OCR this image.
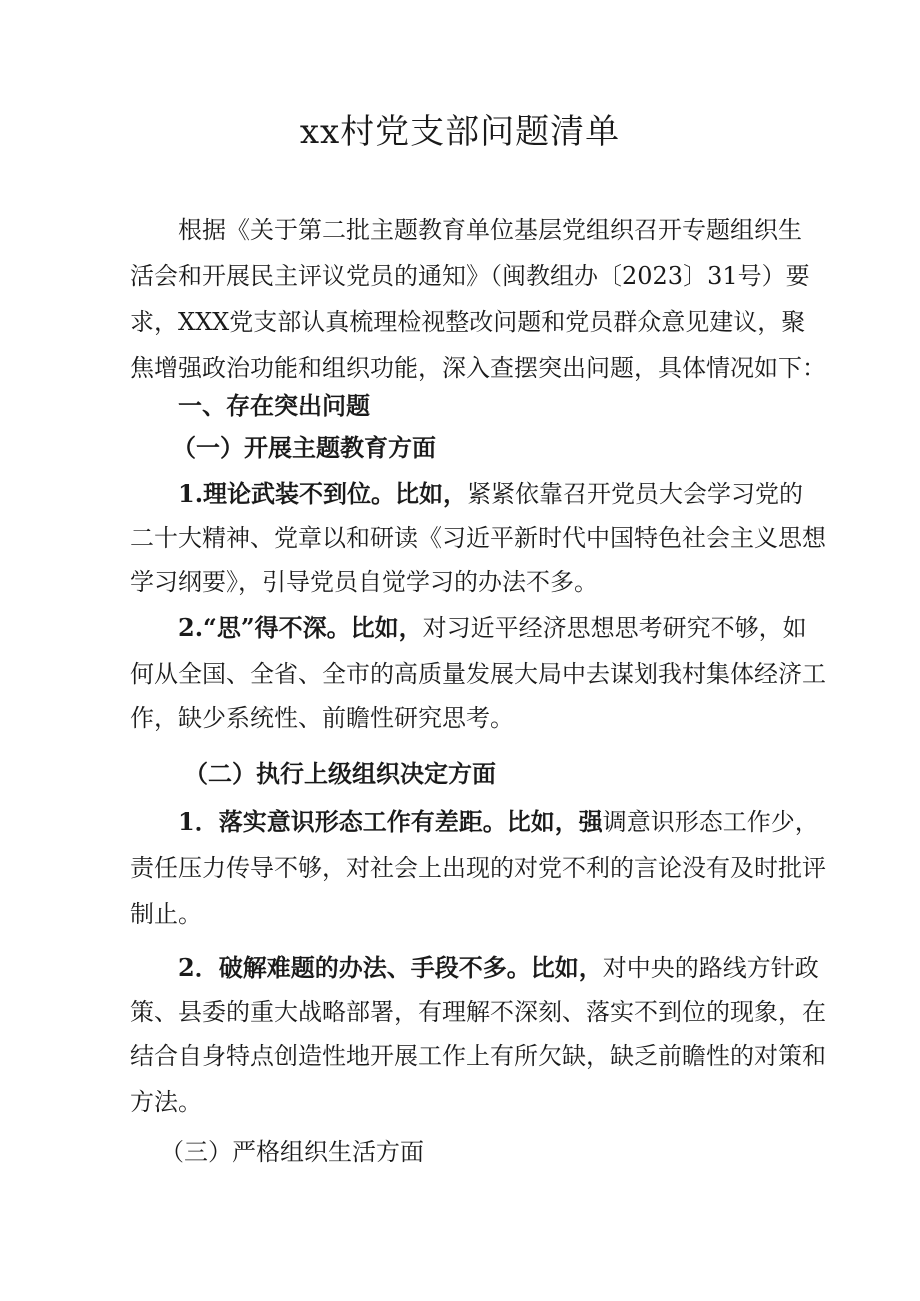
xx村党支部问题清单
根据《关于第二批主题教育单位基层党组织召开专题组织生
活会和开展民主评议党员的通知》（闽教组办〔2023〕31号）要
求，XXX党支部认真梳理检视整改问题和党员群众意见建议，聚
焦增强政治功能和组织功能，深入查摆突出问题，具体情况如下：
一、存在突出问题
（一）开展主题教育方面
1.理论武装不到位。比如，紧紧依靠召开党员大会学习党的
二十大精神、党章以和研读《习近平新时代中国特色社会主义思想
学习纲要》，引导党员自觉学习的办法不多。
2.“思”得不深。比如，对习近平经济思想思考研究不够，如
何从全国、全省、全市的高质量发展大局中去谋划我村集体经济工
作，缺少系统性、前瞻性研究思考。
（二）执行上级组织决定方面
1．落实意识形态工作有差距。比如，强调意识形态工作少，
责任压力传导不够，对社会上出现的对党不利的言论没有及时批评
制止。
2．破解难题的办法、手段不多。比如，对中央的路线方针政
策、县委的重大战略部署，有理解不深刻、落实不到位的现象，在
结合自身特点创造性地开展工作上有所欠缺，缺乏前瞻性的对策和
方法。
（三）严格组织生活方面
